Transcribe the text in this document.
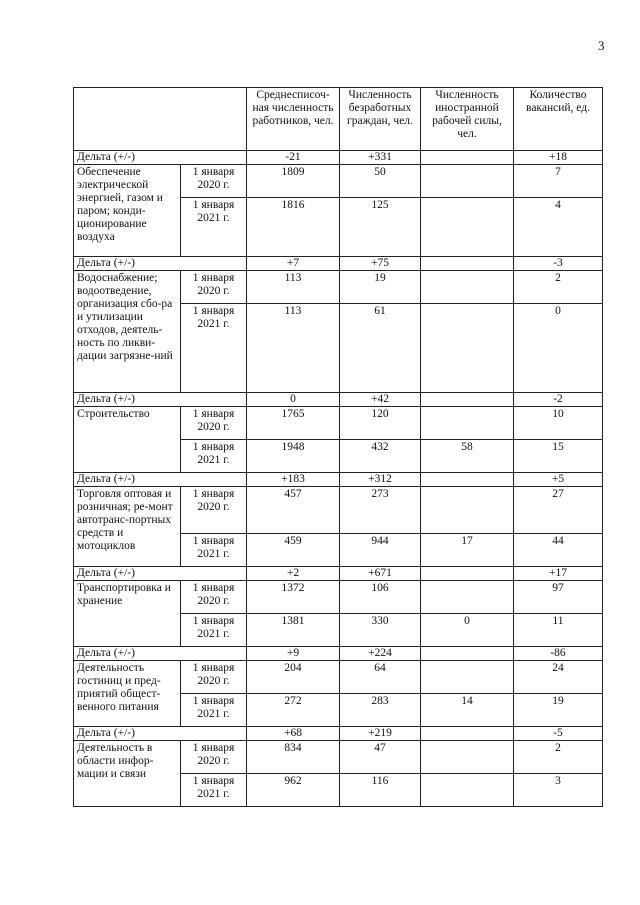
3
		Среднесписоч-ная численность работников, чел.	Численность безработных граждан, чел.	Численность иностранной рабочей силы, чел.	Количество вакансий, ед.
Дельта (+/-)		-21	+331		+18
Обеспечение электрической энергией, газом и паром; конди-ционирование воздуха	1 января 2020 г.	1809	50		7
	1 января 2021 г.	1816	125		4
Дельта (+/-)		+7	+75		-3
Водоснабжение; водоотведение, организация сбо-ра и утилизации отходов, деятель-ность по ликви-дации загрязне-ний	1 января 2020 г.	113	19		2
	1 января 2021 г.	113	61		0
Дельта (+/-)		0	+42		-2
Строительство	1 января 2020 г.	1765	120		10
	1 января 2021 г.	1948	432	58	15
Дельта (+/-)		+183	+312		+5
Торговля оптовая и розничная; ре-монт автотранс-портных средств и мотоциклов	1 января 2020 г.	457	273		27
	1 января 2021 г.	459	944	17	44
Дельта (+/-)		+2	+671		+17
Транспортировка и хранение	1 января 2020 г.	1372	106		97
	1 января 2021 г.	1381	330	0	11
Дельта (+/-)		+9	+224		-86
Деятельность гостиниц и пред-приятий общест-венного питания	1 января 2020 г.	204	64		24
	1 января 2021 г.	272	283	14	19
Дельта (+/-)		+68	+219		-5
Деятельность в области инфор-мации и связи	1 января 2020 г.	834	47		2
	1 января 2021 г.	962	116		3
